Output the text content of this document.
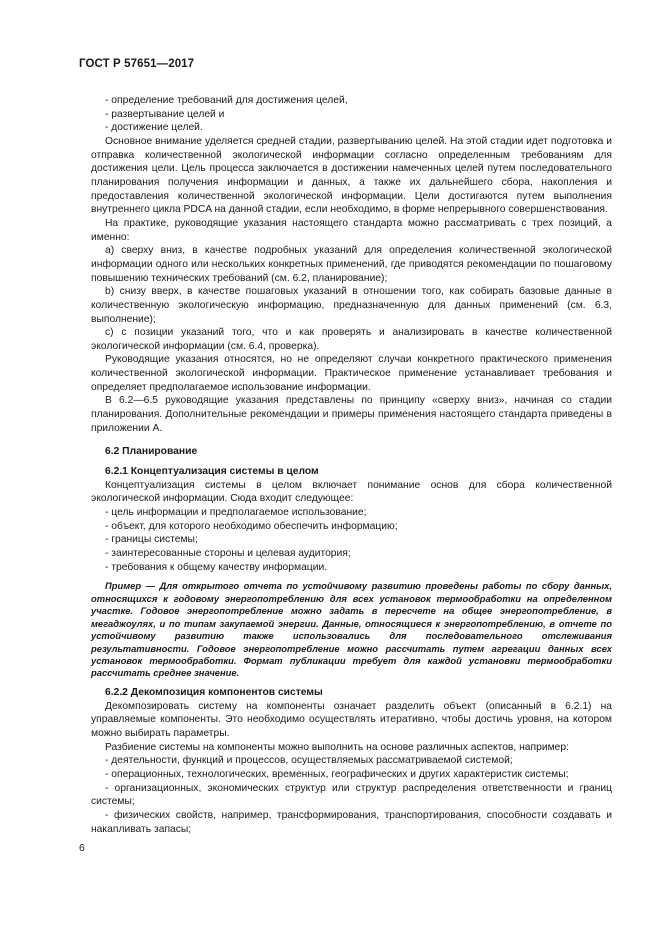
ГОСТ Р 57651—2017

- определение требований для достижения целей,

- развертывание целей и

- достижение целей.

Основное внимание уделяется средней стадии, развертыванию целей. На этой стадии идет подготовка и отправка количественной экологической информации согласно определенным требованиям для достижения цели. Цель процесса заключается в достижении намеченных целей путем последовательного планирования получения информации и данных, а также их дальнейшего сбора, накопления и предоставления количественной экологической информации. Цели достигаются путем выполнения внутреннего цикла PDCA на данной стадии, если необходимо, в форме непрерывного совершенствования.

На практике, руководящие указания настоящего стандарта можно рассматривать с трех позиций, а именно:

a) сверху вниз, в качестве подробных указаний для определения количественной экологической информации одного или нескольких конкретных применений, где приводятся рекомендации по пошаговому повышению технических требований (см. 6.2, планирование);

b) снизу вверх, в качестве пошаговых указаний в отношении того, как собирать базовые данные в количественную экологическую информацию, предназначенную для данных применений (см. 6.3, выполнение);

c) с позиции указаний того, что и как проверять и анализировать в качестве количественной экологической информации (см. 6.4, проверка).

Руководящие указания относятся, но не определяют случаи конкретного практического применения количественной экологической информации. Практическое применение устанавливает требования и определяет предполагаемое использование информации.

В 6.2—6.5 руководящие указания представлены по принципу «сверху вниз», начиная со стадии планирования. Дополнительные рекомендации и примеры применения настоящего стандарта приведены в приложении А.

6.2 Планирование

6.2.1 Концептуализация системы в целом

Концептуализация системы в целом включает понимание основ для сбора количественной экологической информации. Сюда входит следующее:

- цель информации и предполагаемое использование;

- объект, для которого необходимо обеспечить информацию;

- границы системы;

- заинтересованные стороны и целевая аудитория;

- требования к общему качеству информации.

Пример — Для открытого отчета по устойчивому развитию проведены работы по сбору данных, относящихся к годовому энергопотреблению для всех установок термообработки на определенном участке. Годовое энергопотребление можно задать в пересчете на общее энергопотребление, в мегаджоулях, и по типам закупаемой энергии. Данные, относящиеся к энергопотреблению, в отчете по устойчивому развитию также использовались для последовательного отслеживания результативности. Годовое энергопотребление можно рассчитать путем агрегации данных всех установок термообработки. Формат публикации требует для каждой установки термообработки рассчитать среднее значение.

6.2.2 Декомпозиция компонентов системы

Декомпозировать систему на компоненты означает разделить объект (описанный в 6.2.1) на управляемые компоненты. Это необходимо осуществлять итеративно, чтобы достичь уровня, на котором можно выбирать параметры.

Разбиение системы на компоненты можно выполнить на основе различных аспектов, например:

- деятельности, функций и процессов, осуществляемых рассматриваемой системой;

- операционных, технологических, временных, географических и других характеристик системы;

- организационных, экономических структур или структур распределения ответственности и границ системы;

- физических свойств, например, трансформирования, транспортирования, способности создавать и накапливать запасы;

6
